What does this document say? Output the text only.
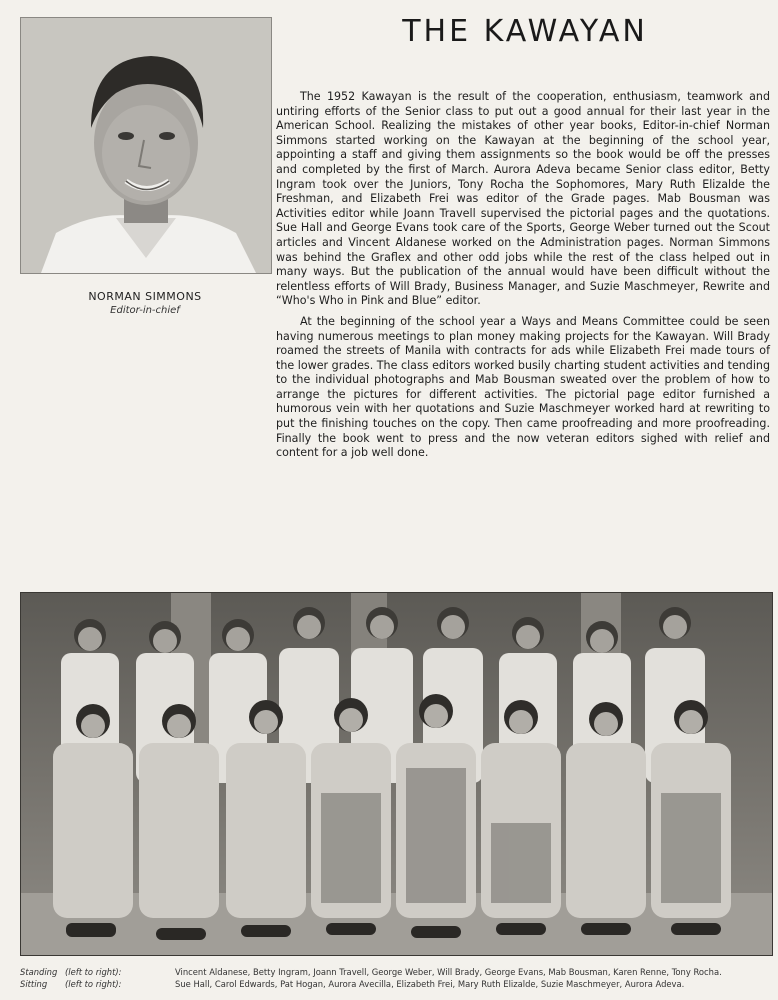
NORMAN SIMMONS
Editor-in-chief
THE KAWAYAN

The 1952 Kawayan is the result of the cooperation, enthusiasm, teamwork and untiring efforts of the Senior class to put out a good annual for their last year in the American School. Realizing the mistakes of other year books, Editor-in-chief Norman Simmons started working on the Kawayan at the beginning of the school year, appointing a staff and giving them assignments so the book would be off the presses and completed by the first of March. Aurora Adeva became Senior class editor, Betty Ingram took over the Juniors, Tony Rocha the Sophomores, Mary Ruth Elizalde the Freshman, and Elizabeth Frei was editor of the Grade pages. Mab Bousman was Activities editor while Joann Travell supervised the pictorial pages and the quotations. Sue Hall and George Evans took care of the Sports, George Weber turned out the Scout articles and Vincent Aldanese worked on the Administration pages. Norman Simmons was behind the Graflex and other odd jobs while the rest of the class helped out in many ways. But the publication of the annual would have been difficult without the relentless efforts of Will Brady, Business Manager, and Suzie Maschmeyer, Rewrite and “Who's Who in Pink and Blue” editor.

At the beginning of the school year a Ways and Means Committee could be seen having numerous meetings to plan money making projects for the Kawayan. Will Brady roamed the streets of Manila with contracts for ads while Elizabeth Frei made tours of the lower grades. The class editors worked busily charting student activities and tending to the individual photographs and Mab Bousman sweated over the problem of how to arrange the pictures for different activities. The pictorial page editor furnished a humorous vein with her quotations and Suzie Maschmeyer worked hard at rewriting to put the finishing touches on the copy. Then came proofreading and more proofreading. Finally the book went to press and the now veteran editors sighed with relief and content for a job well done.

Standing (left to right):	Vincent Aldanese, Betty Ingram, Joann Travell, George Weber, Will Brady, George Evans, Mab Bousman, Karen Renne, Tony Rocha.
Sitting (left to right):	Sue Hall, Carol Edwards, Pat Hogan, Aurora Avecilla, Elizabeth Frei, Mary Ruth Elizalde, Suzie Maschmeyer, Aurora Adeva.
